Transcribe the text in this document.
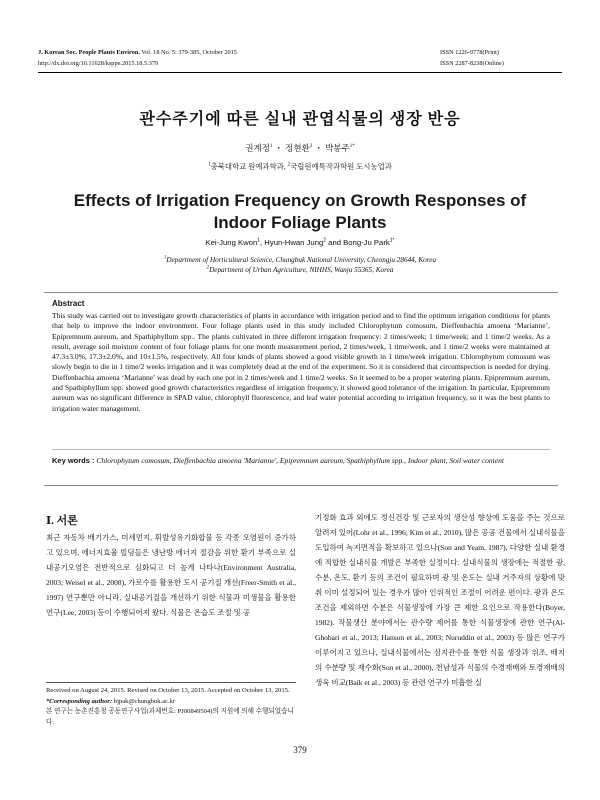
J. Korean Soc. People Plants Environ. Vol. 18 No. 5: 379-385, October 2015
http://dx.doi.org/10.11628/ksppe.2015.18.5.379
ISSN 1226-9778(Print)
ISSN 2287-8238(Online)
관수주기에 따른 실내 관엽식물의 생장 반응
권계정$^1$ ・ 정현환$^2$ ・ 박봉주$^{1*}$
$^1$충북대학교 원예과학과, $^2$국립원예특작과학원 도시농업과
Effects of Irrigation Frequency on Growth Responses of
Indoor Foliage Plants
Kei-Jung Kwon$^1$, Hyun-Hwan Jung$^2$ and Bong-Ju Park$^{1*}$
$^1$Department of Horticultural Science, Chungbuk National University, Cheongju 28644, Korea
$^2$Department of Urban Agriculture, NIHHS, Wanju 55365, Korea
Abstract
This study was carried out to investigate growth characteristics of plants in accordance with irrigation period and to find the optimum irrigation conditions for plants that help to improve the indoor environment. Four foliage plants used in this study included Chlorophytum comosum, Dieffenbachia amoena ‘Marianne’, Epipremnum aureum, and Spathiphyllum spp.. The plants cultivated in three different irrigation frequency: 2 times/week; 1 time/week; and 1 time/2 weeks. As a result, average soil moisture content of four foliage plants for one month measurement period, 2 times/week, 1 time/week, and 1 time/2 weeks were maintained at 47.3±3.0%, 17.3±2.0%, and 10±1.5%, respectively. All four kinds of plants showed a good visible growth in 1 time/week irrigation. Chlorophytum comosum was slowly begin to die in 1 time/2 weeks irrigation and it was completely dead at the end of the experiment. So it is considered that circumspection is needed for drying. Dieffenbachia amoena ‘Marianne’ was dead by each one pot in 2 times/week and 1 time/2 weeks. So it seemed to be a proper watering plants. Epipremnum aureum, and Spathiphyllum spp. showed good growth characteristics regardless of irrigation frequency, it showed good tolerance of the irrigation. In particular, Epipremnum aureum was no significant difference in SPAD value, chlorophyll fluorescence, and leaf water potential according to irrigation frequency, so it was the best plants to irrigation water management.
Key words : Chlorophytum comosum, Dieffenbachia amoena 'Marianne', Epipremnum aureum, Spathiphyllum spp., Indoor plant, Soil water content
Ⅰ. 서론
최근 자동차 배기가스, 미세먼지, 휘발성유기화합물 등 각종 오염원이 증가하고 있으며, 에너지효율 빌딩들은 냉난방 에너지 절감을 위한 환기 부족으로 실내공기오염은 전반적으로 심화되고 더 높게 나타나(Environment Australia, 2003; Weisel et al., 2008), 가로수를 활용한 도시 공기질 개선(Freer-Smith et al., 1997) 연구뿐만 아니라, 실내공기질을 개선하기 위한 식물과 미생물을 활용한 연구(Lee, 2003) 등이 수행되어져 왔다. 식물은 온습도 조절 및 공
기정화 효과 외에도 정신건강 및 근로자의 생산성 향상에 도움을 주는 것으로 알려져 있어(Lohr et al., 1996; Kim et al., 2010), 많은 공공 건물에서 실내식물을 도입하여 녹지면적을 확보하고 있으나(Son and Yeam, 1987), 다양한 실내 환경에 적합한 실내식물 개발은 부족한 실정이다. 실내식물의 생장에는 적절한 광, 수분, 온도, 환기 등의 조건이 필요하며 광 및 온도는 실내 거주자의 상황에 맞춰 이미 설정되어 있는 경우가 많아 인위적인 조절이 어려운 편이다. 광과 온도 조건을 제외하면 수분은 식물생장에 가장 큰 제한 요인으로 작용한다(Boyer, 1982). 작물생산 분야에서는 관수량 제어를 통한 식물생장에 관한 연구(Al-Ghobari et al., 2013; Hanson et al., 2003; Nuruddin et al., 2003) 등 많은 연구가 이루어지고 있으나, 실내식물에서는 심지관수를 통한 식물 생장과 위조, 배지의 수분량 및 재수화(Son et al., 2000), 천남성과 식물의 수경재배와 토경재배의 생육 비교(Baik et al., 2003) 등 관련 연구가 미흡한 실
Received on August 24, 2015. Revised on October 13, 2015. Accepted on October 13, 2015.
*Corresponding author: bjpak@chungbuk.ac.kr
본 연구는 농촌진흥청 공동연구사업(과제번호: PJ00849504)의 지원에 의해 수행되었습니다.
379
